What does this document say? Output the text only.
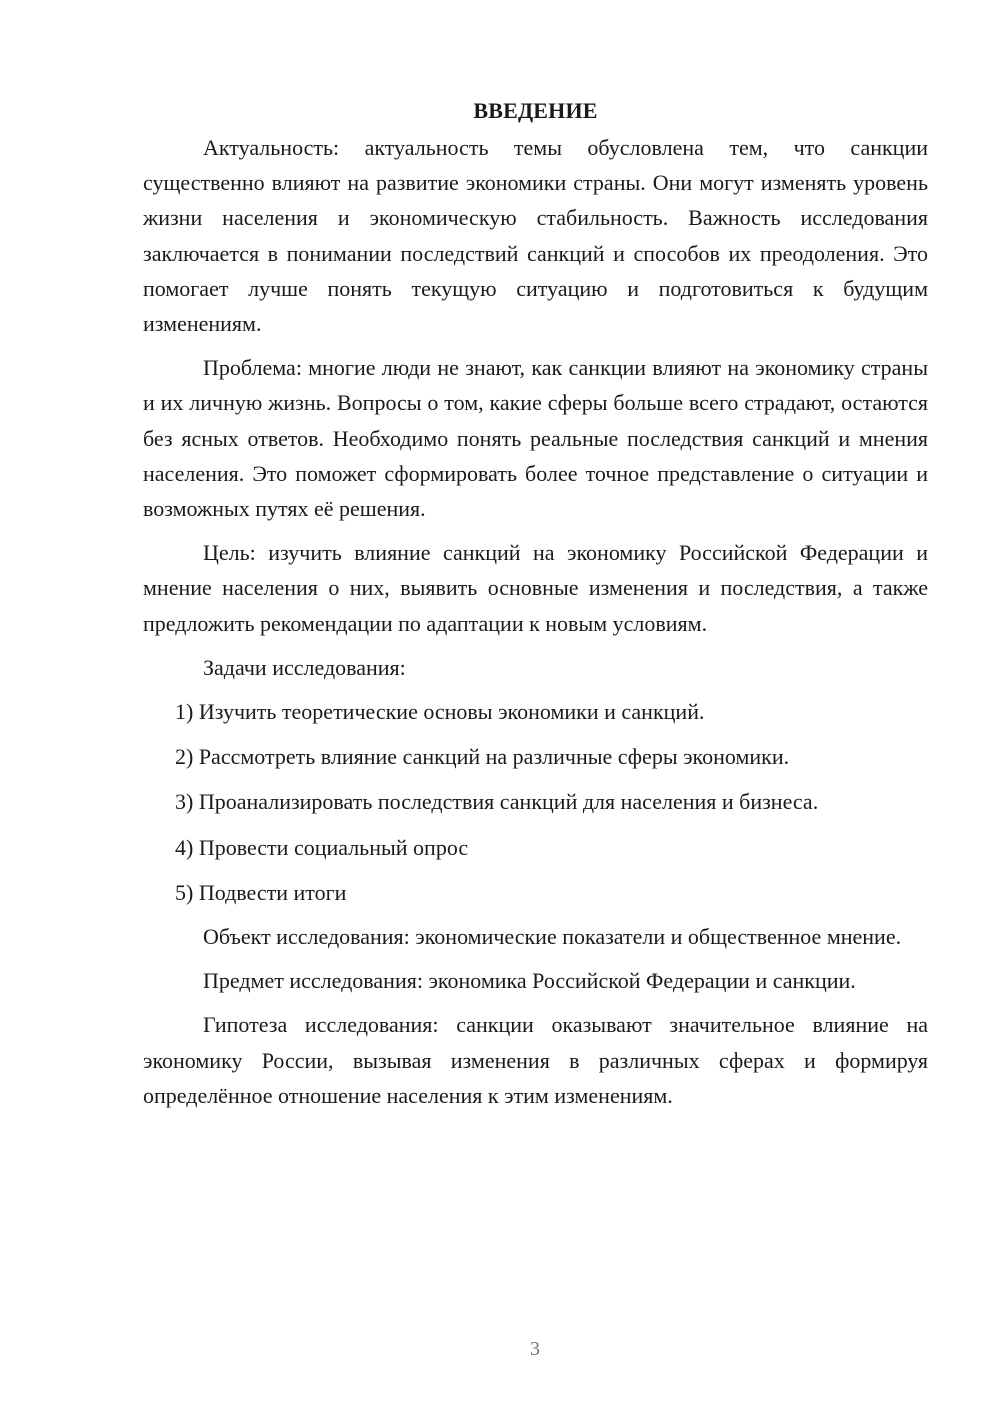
ВВЕДЕНИЕ

Актуальность: актуальность темы обусловлена тем, что санкции существенно влияют на развитие экономики страны. Они могут изменять уровень жизни населения и экономическую стабильность. Важность исследования заключается в понимании последствий санкций и способов их преодоления. Это помогает лучше понять текущую ситуацию и подготовиться к будущим изменениям.

Проблема: многие люди не знают, как санкции влияют на экономику страны и их личную жизнь. Вопросы о том, какие сферы больше всего страдают, остаются без ясных ответов. Необходимо понять реальные последствия санкций и мнения населения. Это поможет сформировать более точное представление о ситуации и возможных путях её решения.

Цель: изучить влияние санкций на экономику Российской Федерации и мнение населения о них, выявить основные изменения и последствия, а также предложить рекомендации по адаптации к новым условиям.

Задачи исследования:

1) Изучить теоретические основы экономики и санкций.
2) Рассмотреть влияние санкций на различные сферы экономики.
3) Проанализировать последствия санкций для населения и бизнеса.
4) Провести социальный опрос
5) Подвести итоги

Объект исследования: экономические показатели и общественное мнение.

Предмет исследования: экономика Российской Федерации и санкции.

Гипотеза исследования: санкции оказывают значительное влияние на экономику России, вызывая изменения в различных сферах и формируя определённое отношение населения к этим изменениям.

3
